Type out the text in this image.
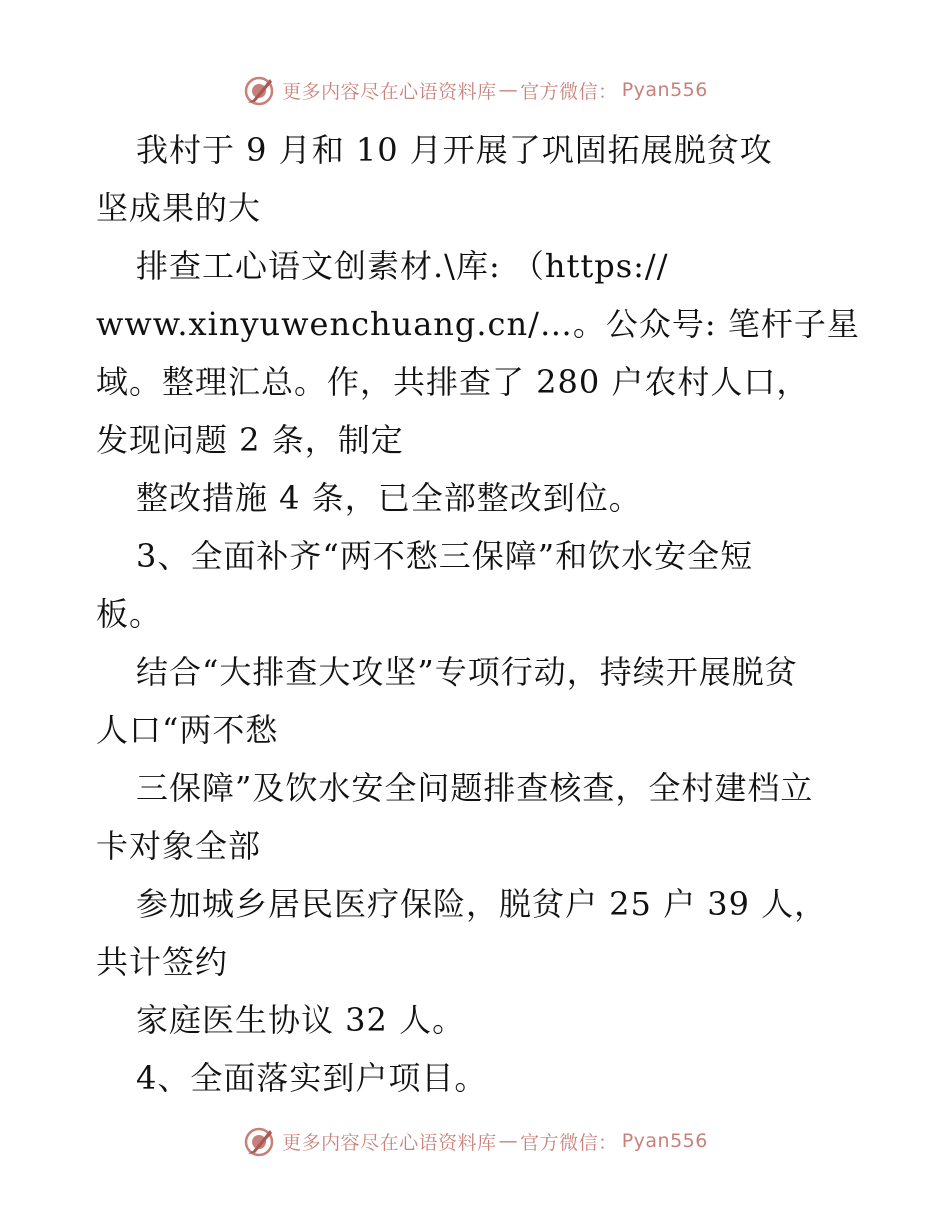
更多内容尽在心语资料库 — 官方微信： Pyan556
我村于 9 月和 10 月开展了巩固拓展脱贫攻
坚成果的大
排查工心语文创素材.\库: （https://
www.xinyuwenchuang.cn/…。公众号: 笔杆子星
域。整理汇总。作，共排查了 280 户农村人口，
发现问题 2 条，制定
整改措施 4 条，已全部整改到位。
3、全面补齐“两不愁三保障”和饮水安全短
板。
结合“大排查大攻坚”专项行动，持续开展脱贫
人口“两不愁
三保障”及饮水安全问题排查核查，全村建档立
卡对象全部
参加城乡居民医疗保险，脱贫户 25 户 39 人，
共计签约
家庭医生协议 32 人。
4、全面落实到户项目。
更多内容尽在心语资料库 — 官方微信： Pyan556
